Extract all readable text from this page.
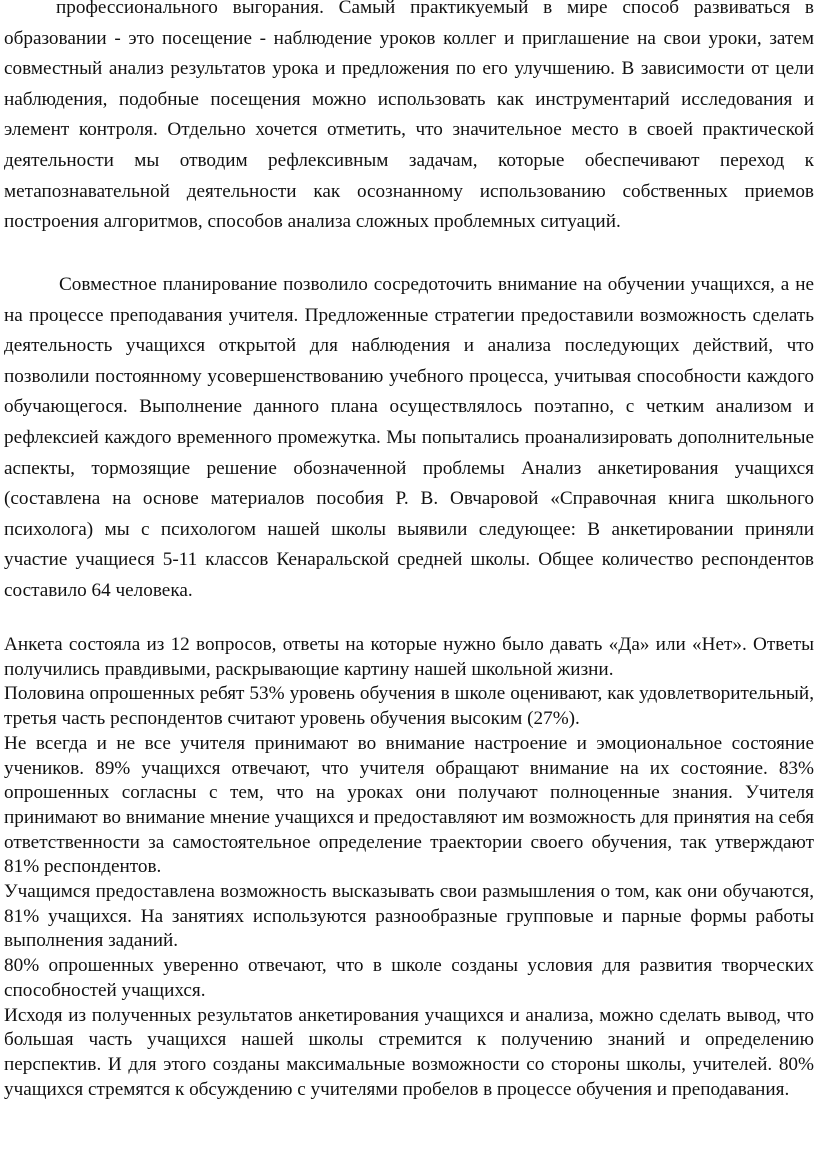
профессионального выгорания. Самый практикуемый в мире способ развиваться в образовании - это посещение - наблюдение уроков коллег и приглашение на свои уроки, затем совместный анализ результатов урока и предложения по его улучшению. В зависимости от цели наблюдения, подобные посещения можно использовать как инструментарий исследования и элемент контроля. Отдельно хочется отметить, что значительное место в своей практической деятельности мы отводим рефлексивным задачам, которые обеспечивают переход к метапознавательной деятельности как осознанному использованию собственных приемов построения алгоритмов, способов анализа сложных проблемных ситуаций.

Совместное планирование позволило сосредоточить внимание на обучении учащихся, а не на процессе преподавания учителя. Предложенные стратегии предоставили возможность сделать деятельность учащихся открытой для наблюдения и анализа последующих действий, что позволили постоянному усовершенствованию учебного процесса, учитывая способности каждого обучающегося. Выполнение данного плана осуществлялось поэтапно, с четким анализом и рефлексией каждого временного промежутка. Мы попытались проанализировать дополнительные аспекты, тормозящие решение обозначенной проблемы Анализ анкетирования учащихся (составлена на основе материалов пособия Р. В. Овчаровой «Справочная книга школьного психолога) мы с психологом нашей школы выявили следующее: В анкетировании приняли участие учащиеся 5-11 классов Кенаральской средней школы. Общее количество респондентов составило 64 человека.

Анкета состояла из 12 вопросов, ответы на которые нужно было давать «Да» или «Нет». Ответы получились правдивыми, раскрывающие картину нашей школьной жизни.

Половина опрошенных ребят 53% уровень обучения в школе оценивают, как удовлетворительный, третья часть респондентов считают уровень обучения высоким (27%).

Не всегда и не все учителя принимают во внимание настроение и эмоциональное состояние учеников. 89% учащихся отвечают, что учителя обращают внимание на их состояние. 83% опрошенных согласны с тем, что на уроках они получают полноценные знания. Учителя принимают во внимание мнение учащихся и предоставляют им возможность для принятия на себя ответственности за самостоятельное определение траектории своего обучения, так утверждают 81% респондентов.

Учащимся предоставлена возможность высказывать свои размышления о том, как они обучаются, 81% учащихся. На занятиях используются разнообразные групповые и парные формы работы выполнения заданий.

80% опрошенных уверенно отвечают, что в школе созданы условия для развития творческих способностей учащихся.

Исходя из полученных результатов анкетирования учащихся и анализа, можно сделать вывод, что большая часть учащихся нашей школы стремится к получению знаний и определению перспектив. И для этого созданы максимальные возможности со стороны школы, учителей. 80% учащихся стремятся к обсуждению с учителями пробелов в процессе обучения и преподавания.
